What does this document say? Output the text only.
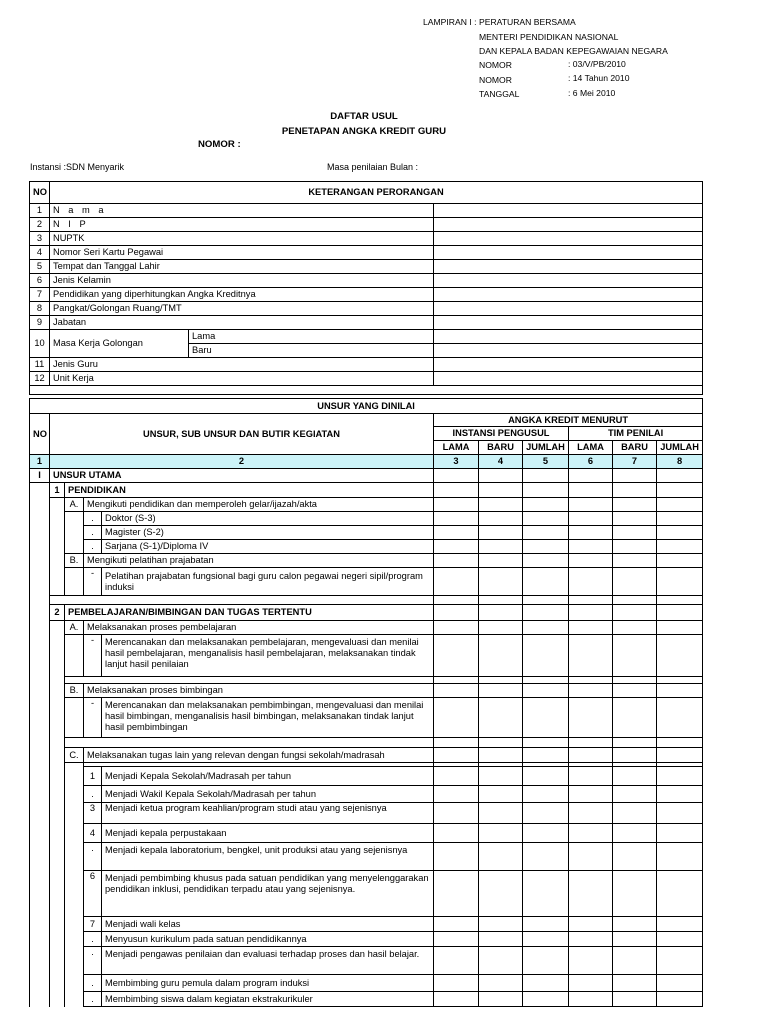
LAMPIRAN I : PERATURAN BERSAMA
MENTERI PENDIDIKAN NASIONAL
DAN KEPALA BADAN KEPEGAWAIAN NEGARA
NOMOR	: 03/V/PB/2010
NOMOR	: 14 Tahun 2010
TANGGAL	: 6 Mei 2010
DAFTAR USUL
PENETAPAN ANGKA KREDIT GURU
NOMOR :
Instansi :SDN Menyarik	Masa penilaian Bulan :
NO	KETERANGAN PERORANGAN		
1	N a m a		
2	N I P		
3	NUPTK		
4	Nomor Seri Kartu Pegawai		
5	Tempat dan Tanggal Lahir		
6	Jenis Kelamin		
7	Pendidikan yang diperhitungkan Angka Kreditnya		
8	Pangkat/Golongan Ruang/TMT		
9	Jabatan		
10	Masa Kerja Golongan	Lama	
		Baru	
11	Jenis Guru		
12	Unit Kerja		

UNSUR YANG DINILAI										
NO	UNSUR, SUB UNSUR DAN BUTIR KEGIATAN				ANGKA KREDIT MENURUT					
					INSTANSI PENGUSUL			TIM PENILAI		
					LAMA	BARU	JUMLAH	LAMA	BARU	JUMLAH
1	2				3	4	5	6	7	8
I	UNSUR UTAMA									
	1	PENDIDIKAN								
		A.	Mengikuti pendidikan dan memperoleh gelar/ijazah/akta							
			.	Doktor (S-3)						
			.	Magister (S-2)						
			.	Sarjana (S-1)/Diploma IV						
		B.	Mengikuti pelatihan prajabatan							
			-	Pelatihan prajabatan fungsional bagi guru calon pegawai negeri sipil/program induksi						

	2	PEMBELAJARAN/BIMBINGAN DAN TUGAS TERTENTU								
		A.	Melaksanakan proses pembelajaran							
			-	Merencanakan dan melaksanakan pembelajaran, mengevaluasi dan menilai hasil pembelajaran, menganalisis hasil pembelajaran, melaksanakan tindak lanjut hasil penilaian						

		B.	Melaksanakan proses bimbingan							
			-	Merencanakan dan melaksanakan pembimbingan, mengevaluasi dan menilai hasil bimbingan, menganalisis hasil bimbingan, melaksanakan tindak lanjut hasil pembimbingan						

		C.	Melaksanakan tugas lain yang relevan dengan fungsi sekolah/madrasah							

			1	Menjadi Kepala Sekolah/Madrasah per tahun						
			.	Menjadi Wakil Kepala Sekolah/Madrasah per tahun						
			3	Menjadi ketua program keahlian/program studi atau yang sejenisnya						
			4	Menjadi kepala perpustakaan						
			.	Menjadi kepala laboratorium, bengkel, unit produksi atau yang sejenisnya						
			6	Menjadi pembimbing khusus pada satuan pendidikan yang menyelenggarakan pendidikan inklusi, pendidikan terpadu atau yang sejenisnya.						
			7	Menjadi wali kelas						
			.	Menyusun kurikulum pada satuan pendidikannya						
			.	Menjadi pengawas penilaian dan evaluasi terhadap proses dan hasil belajar.						
			.	Membimbing guru pemula dalam program induksi						
			.	Membimbing siswa dalam kegiatan ekstrakurikuler						
